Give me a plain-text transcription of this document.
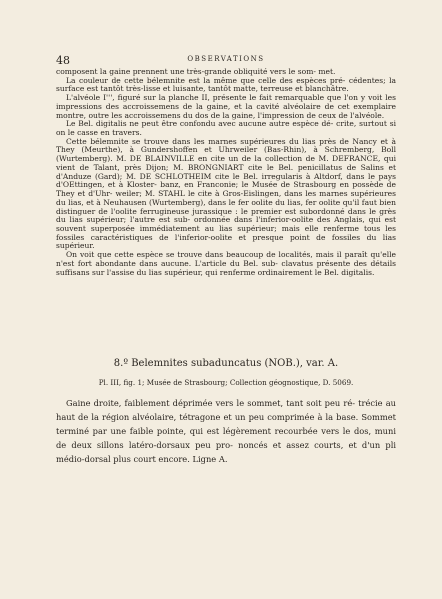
48	OBSERVATIONS

composent la gaine prennent une très-grande obliquité vers le som- met.

La couleur de cette bélemnite est la même que celle des espèces pré- cédentes; la surface est tantôt très-lisse et luisante, tantôt matte, terreuse et blanchâtre.

L'alvéole I''', figuré sur la planche II, présente le fait remarquable que l'on y voit les impressions des accroissemens de la gaine, et la cavité alvéolaire de cet exemplaire montre, outre les accroissemens du dos de la gaine, l'impression de ceux de l'alvéole.

Le Bel. digitalis ne peut être confondu avec aucune autre espèce dé- crite, surtout si on le casse en travers.

Cette bélemnite se trouve dans les marnes supérieures du lias près de Nancy et à They (Meurthe), à Gundershoffen et Uhrweiler (Bas-Rhin), à Schremberg, Boll (Wurtemberg). M. DE BLAINVILLE en cite un de la collection de M. DEFRANCE, qui vient de Talant, près Dijon; M. BRONGNIART cite le Bel. penicillatus de Salins et d'Anduze (Gard); M. DE SCHLOTHEIM cite le Bel. irregularis à Altdorf, dans le pays d'OEttingen, et à Kloster- banz, en Franconie; le Musée de Strasbourg en possède de They et d'Uhr- weiler; M. STAHL le cite à Gros-Eislingen, dans les marnes supérieures du lias, et à Neuhausen (Wurtemberg), dans le fer oolite du lias, fer oolite qu'il faut bien distinguer de l'oolite ferrugineuse jurassique : le premier est subordonné dans le grès du lias supérieur; l'autre est sub- ordonnée dans l'inferior-oolite des Anglais, qui est souvent superposée immédiatement au lias supérieur; mais elle renferme tous les fossiles caractéristiques de l'inferior-oolite et presque point de fossiles du lias supérieur.

On voit que cette espèce se trouve dans beaucoup de localités, mais il paraît qu'elle n'est fort abondante dans aucune. L'article du Bel. sub- clavatus présente des détails suffisans sur l'assise du lias supérieur, qui renferme ordinairement le Bel. digitalis.

8.º Belemnites subaduncatus (NOB.), var. A.
Pl. III, fig. 1; Musée de Strasbourg; Collection géognostique, D. 5069.

Gaine droite, faiblement déprimée vers le sommet, tant soit peu ré- trécie au haut de la région alvéolaire, tétragone et un peu comprimée à la base. Sommet terminé par une faible pointe, qui est légèrement recourbée vers le dos, muni de deux sillons latéro-dorsaux peu pro- noncés et assez courts, et d'un pli médio-dorsal plus court encore. Ligne A.
